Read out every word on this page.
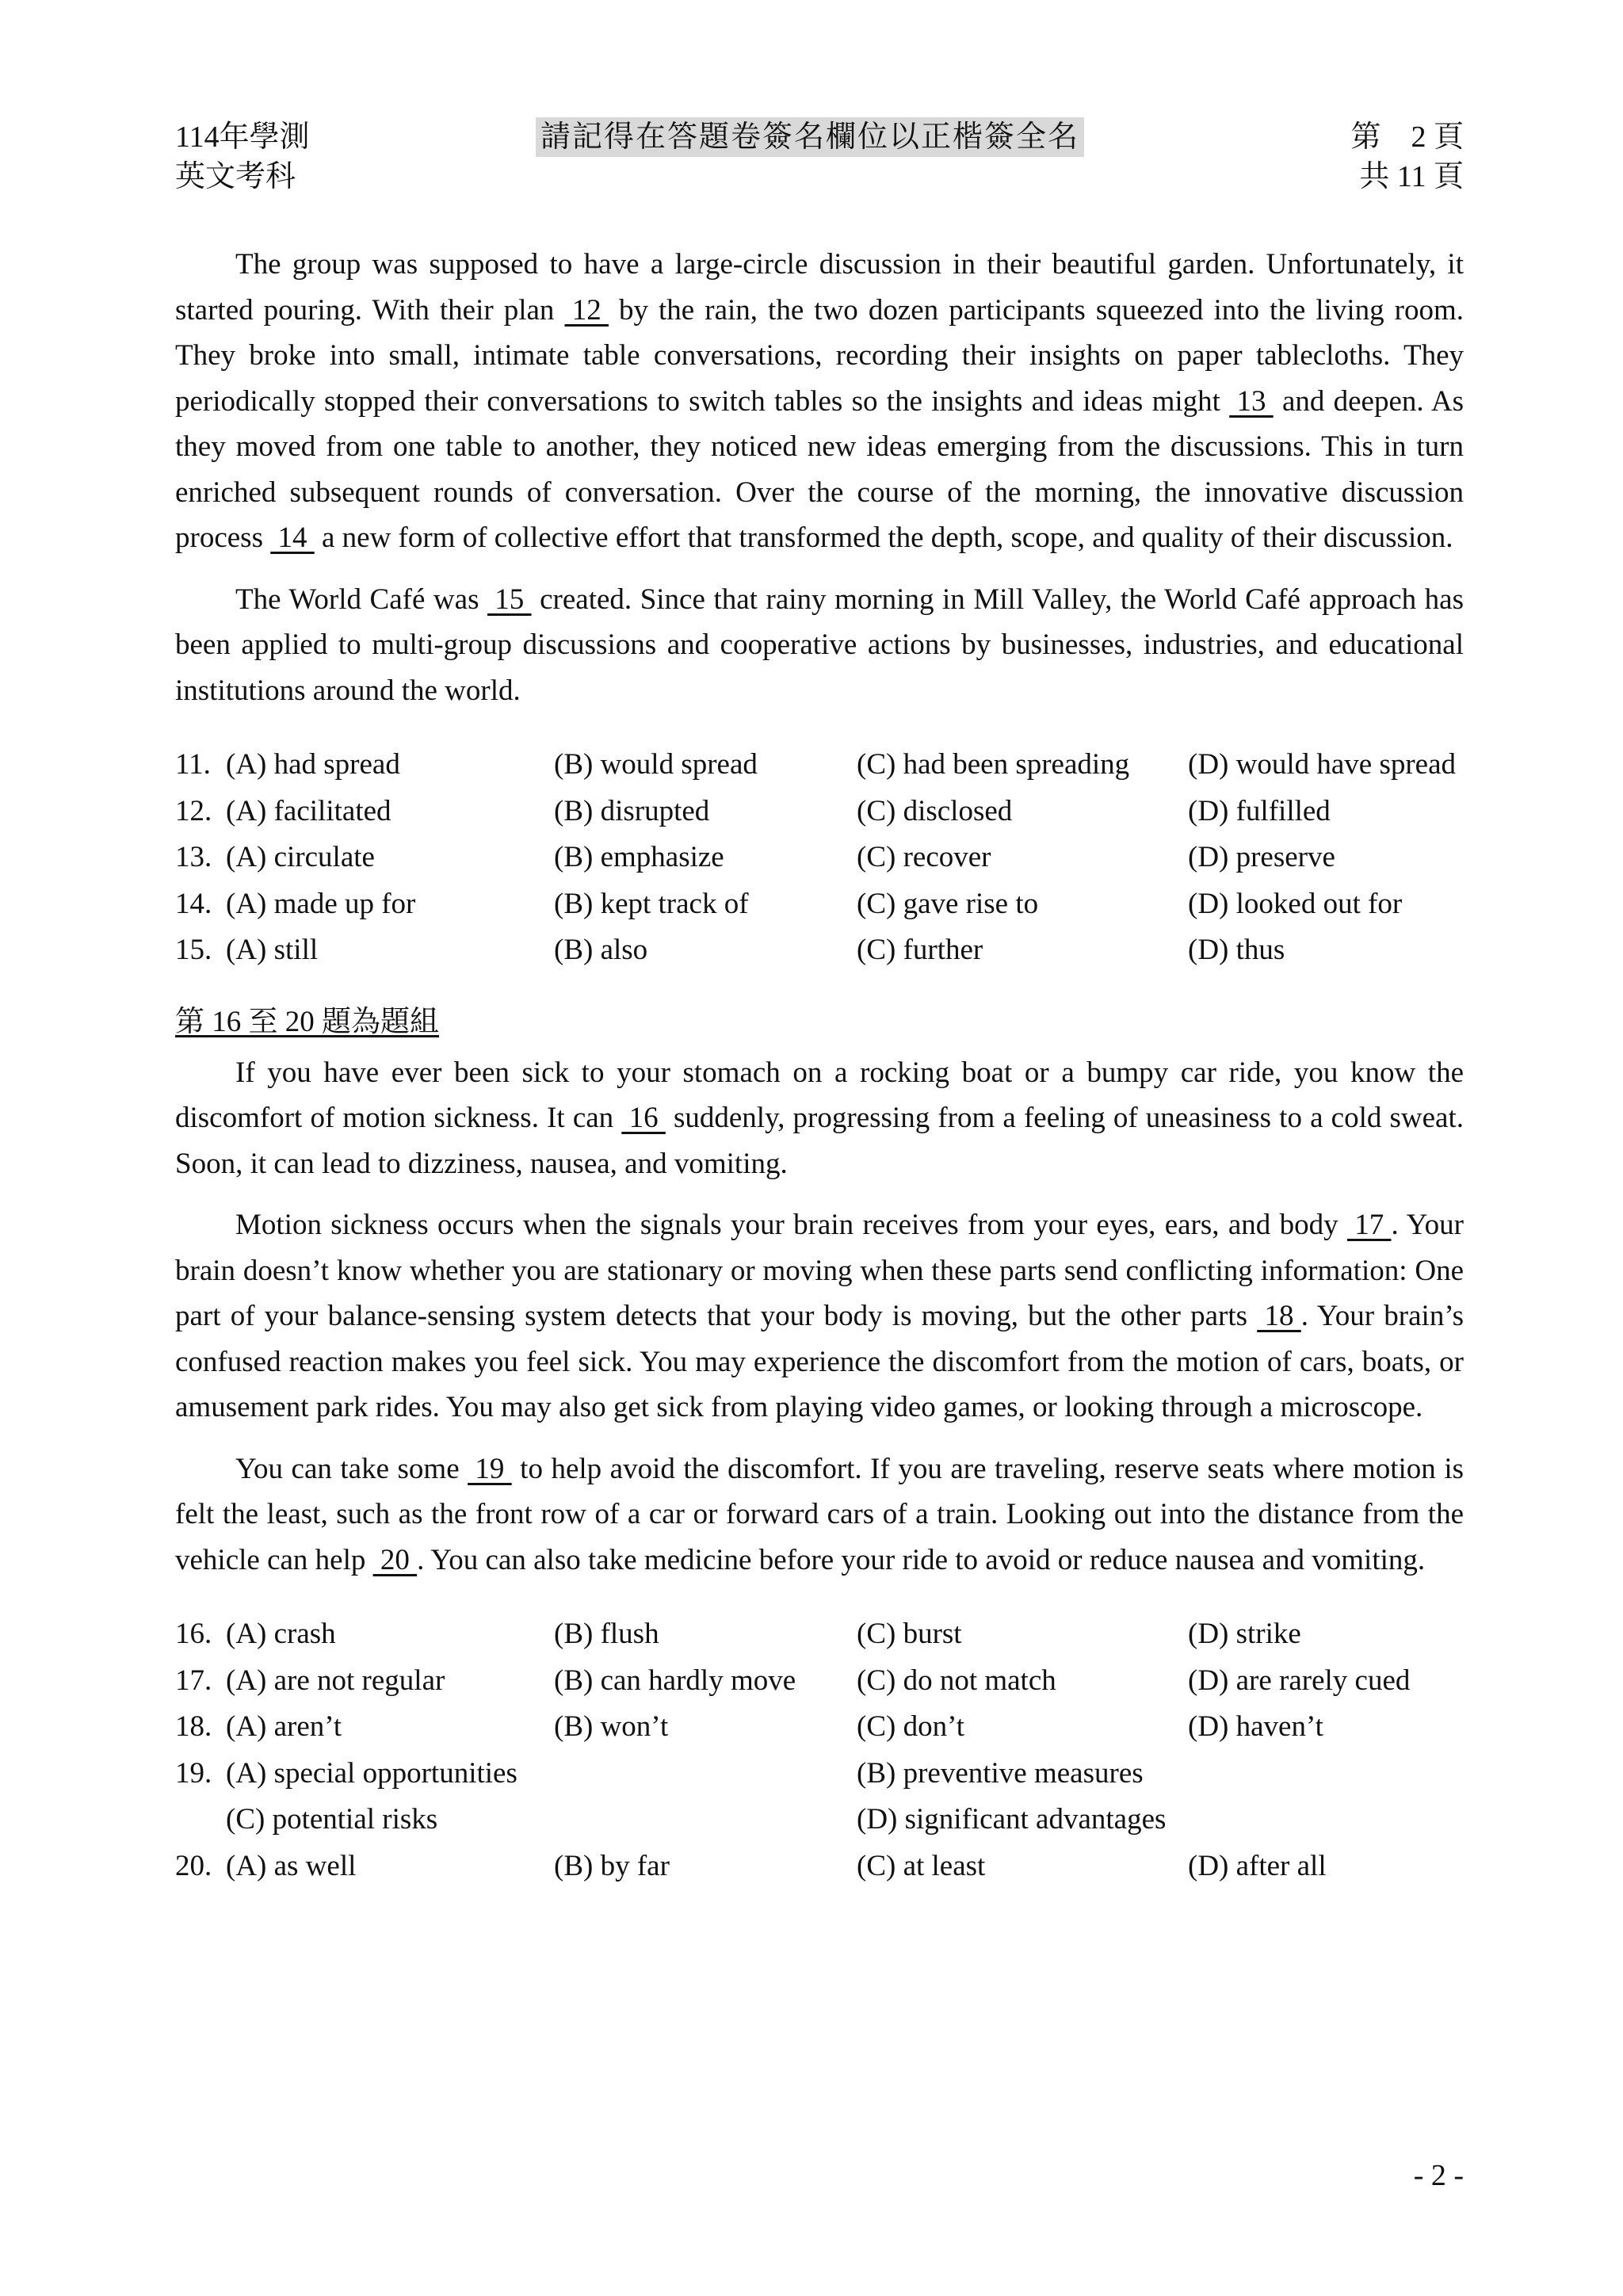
114年學測
英文考科
請記得在答題卷簽名欄位以正楷簽全名	第　2 頁
共 11 頁

The group was supposed to have a large-circle discussion in their beautiful garden. Unfortunately, it started pouring. With their plan  12  by the rain, the two dozen participants squeezed into the living room. They broke into small, intimate table conversations, recording their insights on paper tablecloths. They periodically stopped their conversations to switch tables so the insights and ideas might  13  and deepen. As they moved from one table to another, they noticed new ideas emerging from the discussions. This in turn enriched subsequent rounds of conversation. Over the course of the morning, the innovative discussion process  14  a new form of collective effort that transformed the depth, scope, and quality of their discussion.

The World Café was  15  created. Since that rainy morning in Mill Valley, the World Café approach has been applied to multi-group discussions and cooperative actions by businesses, industries, and educational institutions around the world.

11. (A) had spread	(B) would spread	(C) had been spreading	(D) would have spread
12. (A) facilitated	(B) disrupted	(C) disclosed	(D) fulfilled
13. (A) circulate	(B) emphasize	(C) recover	(D) preserve
14. (A) made up for	(B) kept track of	(C) gave rise to	(D) looked out for
15. (A) still	(B) also	(C) further	(D) thus
第 16 至 20 題為題組

If you have ever been sick to your stomach on a rocking boat or a bumpy car ride, you know the discomfort of motion sickness. It can  16  suddenly, progressing from a feeling of uneasiness to a cold sweat. Soon, it can lead to dizziness, nausea, and vomiting.

Motion sickness occurs when the signals your brain receives from your eyes, ears, and body  17 . Your brain doesn’t know whether you are stationary or moving when these parts send conflicting information: One part of your balance-sensing system detects that your body is moving, but the other parts  18 . Your brain’s confused reaction makes you feel sick. You may experience the discomfort from the motion of cars, boats, or amusement park rides. You may also get sick from playing video games, or looking through a microscope.

You can take some  19  to help avoid the discomfort. If you are traveling, reserve seats where motion is felt the least, such as the front row of a car or forward cars of a train. Looking out into the distance from the vehicle can help  20 . You can also take medicine before your ride to avoid or reduce nausea and vomiting.

16. (A) crash	(B) flush	(C) burst	(D) strike
17. (A) are not regular	(B) can hardly move	(C) do not match	(D) are rarely cued
18. (A) aren’t	(B) won’t	(C) don’t	(D) haven’t
19. (A) special opportunities	(B) preventive measures
(C) potential risks	(D) significant advantages
20. (A) as well	(B) by far	(C) at least	(D) after all
- 2 -
